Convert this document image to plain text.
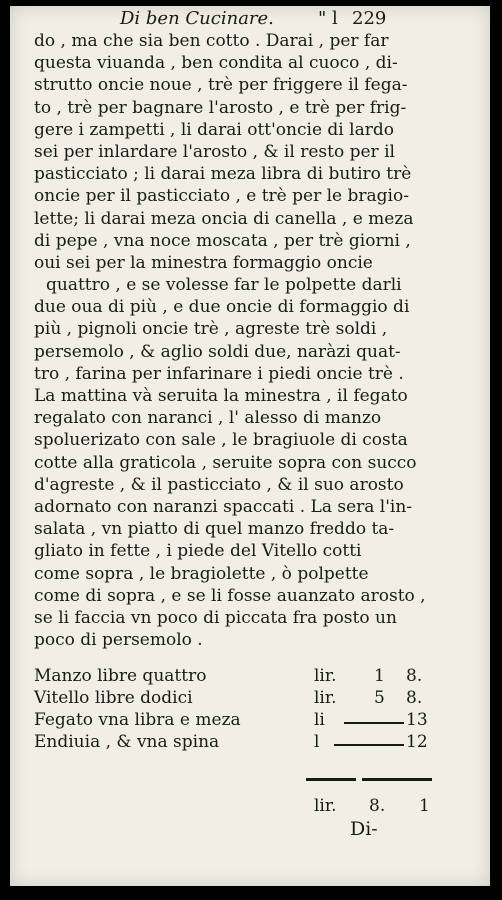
Di ben Cucinare. " l 229
do , ma che sia ben cotto . Darai , per far
questa viuanda , ben condita al cuoco , di-
strutto oncie noue , trè per friggere il fega-
to , trè per bagnare l'arosto , e trè per frig-
gere i zampetti , li darai ott'oncie di lardo
sei per inlardare l'arosto , & il resto per il
pasticciato ; li darai meza libra di butiro trè
oncie per il pasticciato , e trè per le bragio-
lette; li darai meza oncia di canella , e meza
di pepe , vna noce moscata , per trè giorni ,
oui sei per la minestra formaggio oncie
quattro , e se volesse far le polpette darli
due oua di più , e due oncie di formaggio di
più , pignoli oncie trè , agreste trè soldi ,
persemolo , & aglio soldi due, naràzi quat-
tro , farina per infarinare i piedi oncie trè .
La mattina và seruita la minestra , il fegato
regalato con naranci , l' alesso di manzo
spoluerizato con sale , le bragiuole di costa
cotte alla graticola , seruite sopra con succo
d'agreste , & il pasticciato , & il suo arosto
adornato con naranzi spaccati . La sera l'in-
salata , vn piatto di quel manzo freddo ta-
gliato in fette , i piede del Vitello cotti
come sopra , le bragiolette , ò polpette
come di sopra , e se li fosse auanzato arosto ,
se li faccia vn poco di piccata fra posto un
poco di persemolo .
Manzo libre quattro	lir. 1 8.
Vitello libre dodici	lir. 5 8.
Fegato vna libra e meza	li	13
Endiuia , & vna spina	l	12
lir. 8. 1
Di-
